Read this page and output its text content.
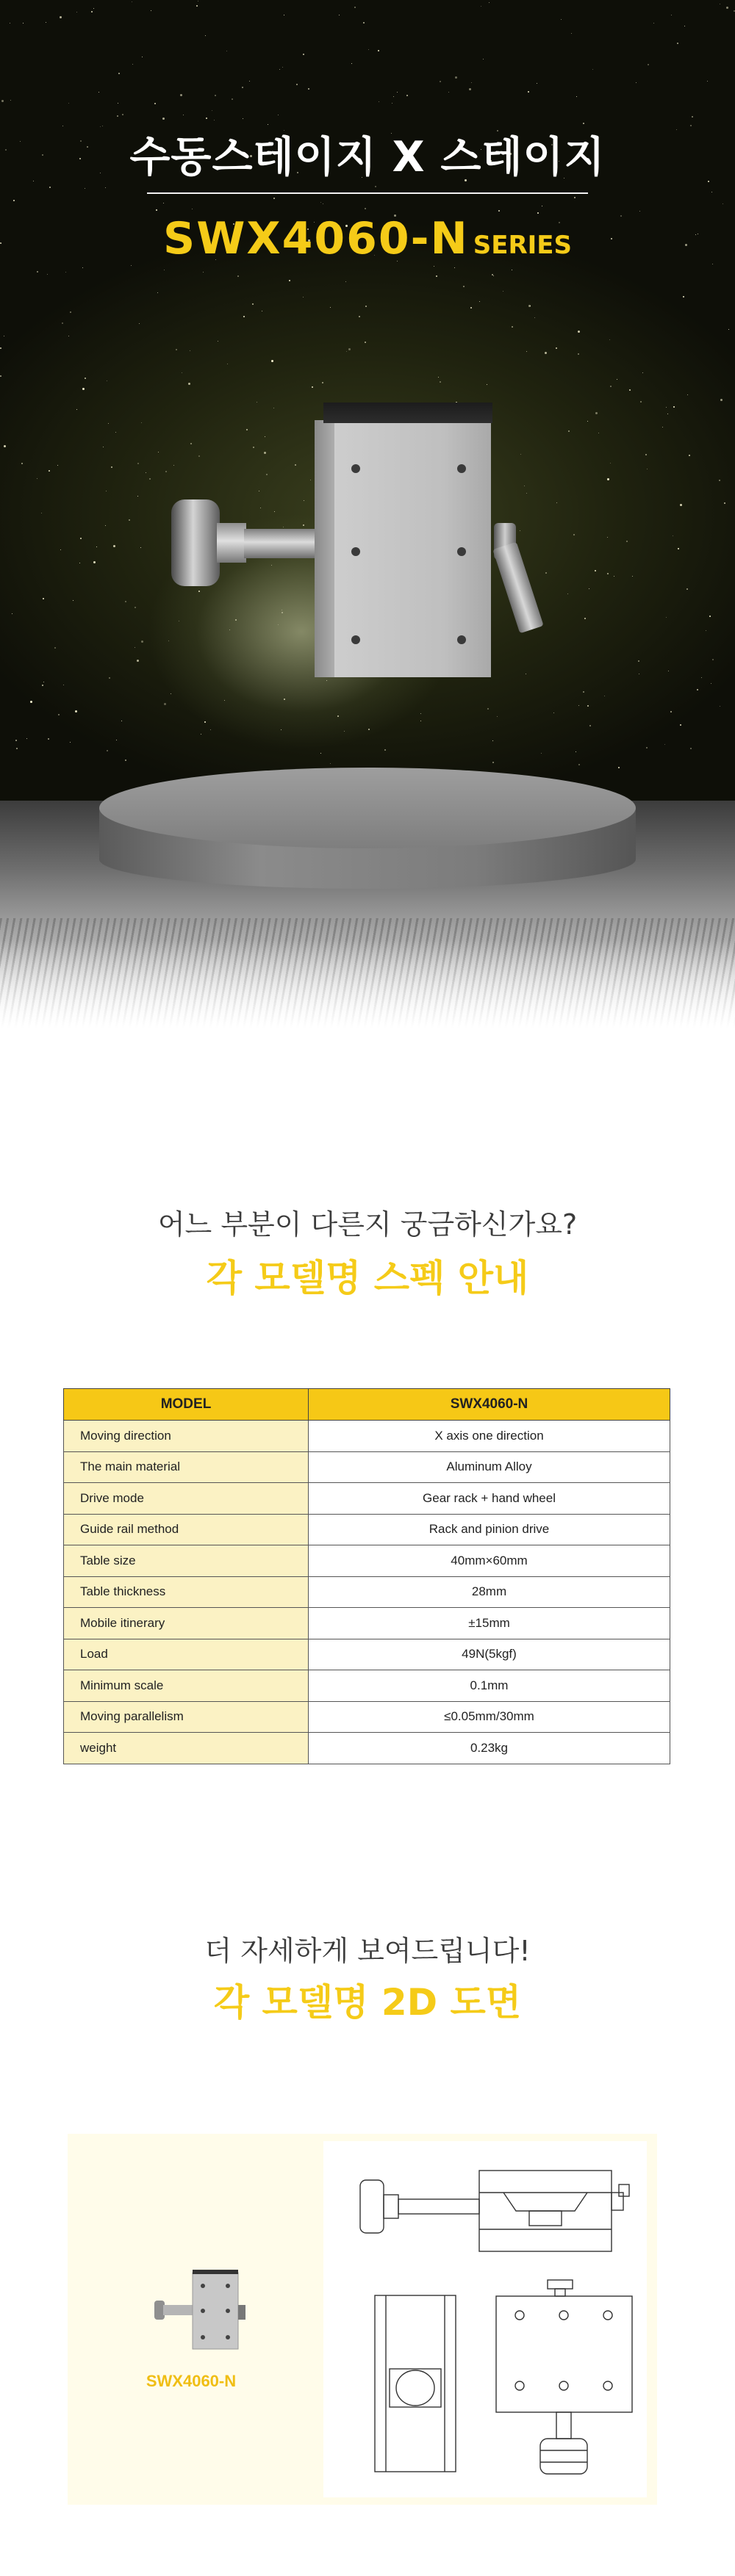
수동스테이지 X 스테이지
SWX4060-N SERIES
어느 부분이 다른지 궁금하신가요?
각 모델명 스펙 안내
MODEL	SWX4060-N
Moving direction	X axis one direction
The main material	Aluminum Alloy
Drive mode	Gear rack + hand wheel
Guide rail method	Rack and pinion drive
Table size	40mm×60mm
Table thickness	28mm
Mobile itinerary	±15mm
Load	49N(5kgf)
Minimum scale	0.1mm
Moving parallelism	≤0.05mm/30mm
weight	0.23kg
더 자세하게 보여드립니다!
각 모델명 2D 도면
SWX4060-N
